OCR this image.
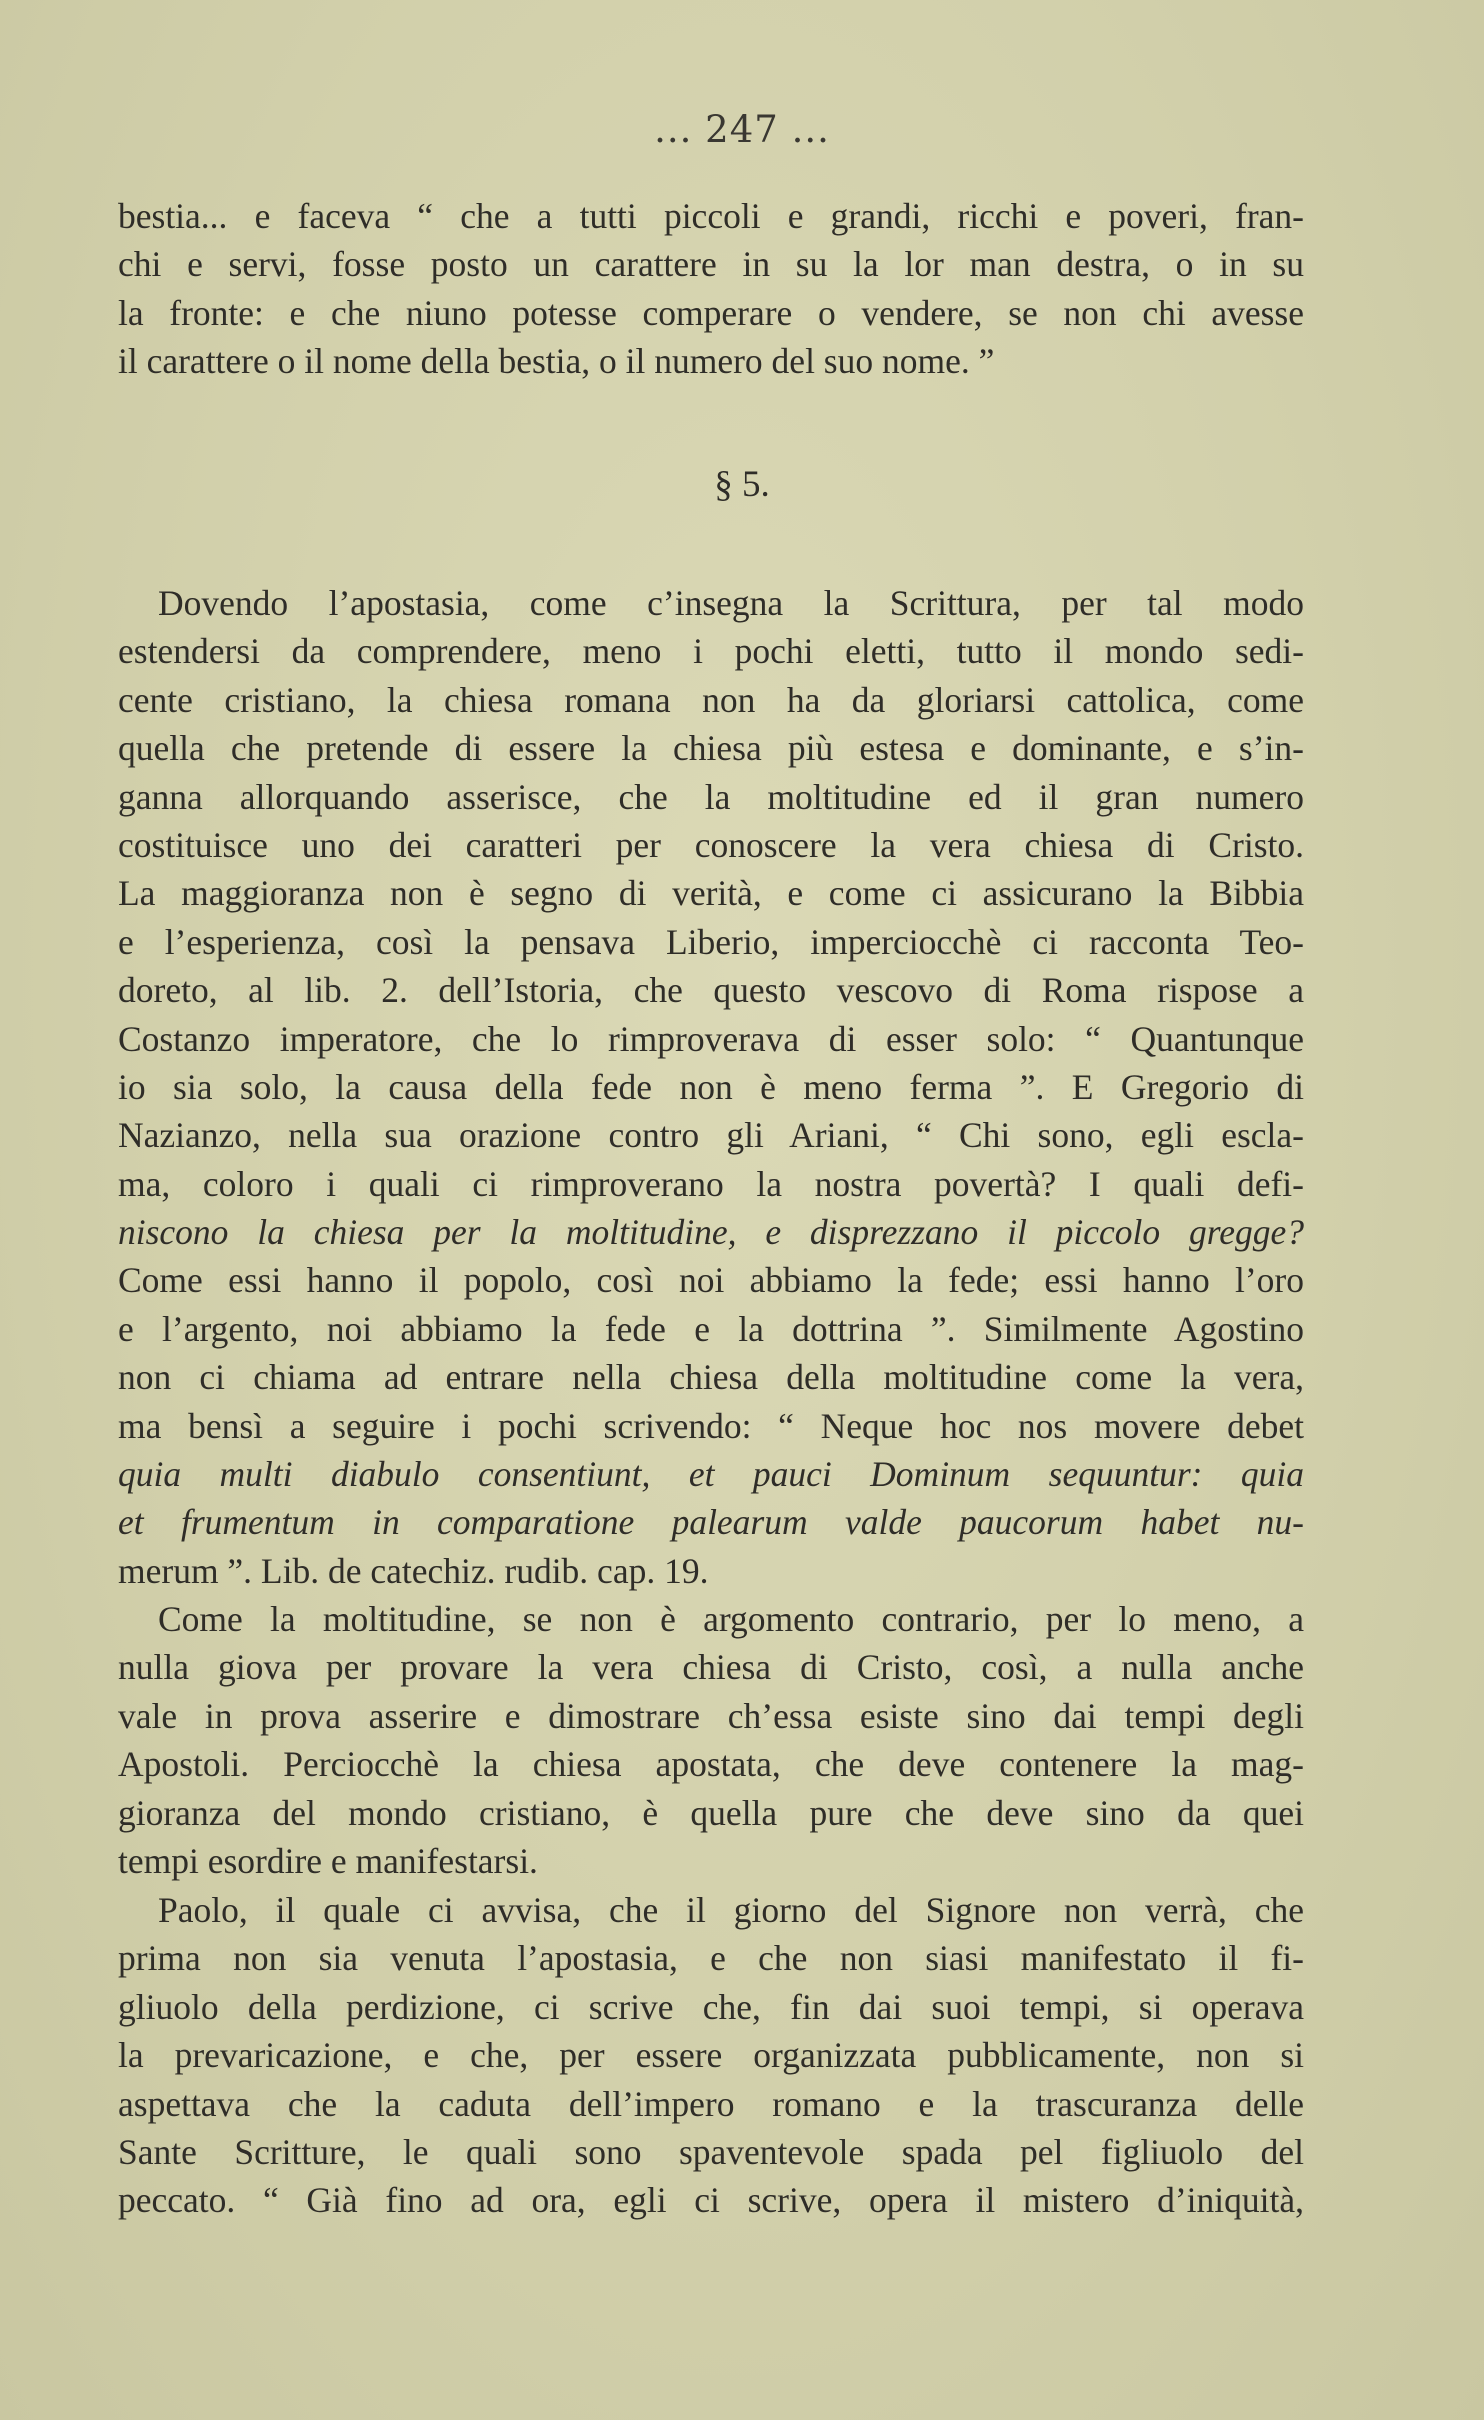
... 247 ...
bestia... e faceva “ che a tutti piccoli e grandi, ricchi e poveri, fran-
chi e servi, fosse posto un carattere in su la lor man destra, o in su
la fronte: e che niuno potesse comperare o vendere, se non chi avesse
il carattere o il nome della bestia, o il numero del suo nome. ”
§ 5.
Dovendo l’apostasia, come c’insegna la Scrittura, per tal modo
estendersi da comprendere, meno i pochi eletti, tutto il mondo sedi-
cente cristiano, la chiesa romana non ha da gloriarsi cattolica, come
quella che pretende di essere la chiesa più estesa e dominante, e s’in-
ganna allorquando asserisce, che la moltitudine ed il gran numero
costituisce uno dei caratteri per conoscere la vera chiesa di Cristo.
La maggioranza non è segno di verità, e come ci assicurano la Bibbia
e l’esperienza, così la pensava Liberio, imperciocchè ci racconta Teo-
doreto, al lib. 2. dell’Istoria, che questo vescovo di Roma rispose a
Costanzo imperatore, che lo rimproverava di esser solo: “ Quantunque
io sia solo, la causa della fede non è meno ferma ”. E Gregorio di
Nazianzo, nella sua orazione contro gli Ariani, “ Chi sono, egli escla-
ma, coloro i quali ci rimproverano la nostra povertà? I quali defi-
niscono la chiesa per la moltitudine, e disprezzano il piccolo gregge?
Come essi hanno il popolo, così noi abbiamo la fede; essi hanno l’oro
e l’argento, noi abbiamo la fede e la dottrina ”. Similmente Agostino
non ci chiama ad entrare nella chiesa della moltitudine come la vera,
ma bensì a seguire i pochi scrivendo: “ Neque hoc nos movere debet
quia multi diabulo consentiunt, et pauci Dominum sequuntur: quia
et frumentum in comparatione palearum valde paucorum habet nu-
merum ”. Lib. de catechiz. rudib. cap. 19.
Come la moltitudine, se non è argomento contrario, per lo meno, a
nulla giova per provare la vera chiesa di Cristo, così, a nulla anche
vale in prova asserire e dimostrare ch’essa esiste sino dai tempi degli
Apostoli. Perciocchè la chiesa apostata, che deve contenere la mag-
gioranza del mondo cristiano, è quella pure che deve sino da quei
tempi esordire e manifestarsi.
Paolo, il quale ci avvisa, che il giorno del Signore non verrà, che
prima non sia venuta l’apostasia, e che non siasi manifestato il fi-
gliuolo della perdizione, ci scrive che, fin dai suoi tempi, si operava
la prevaricazione, e che, per essere organizzata pubblicamente, non si
aspettava che la caduta dell’impero romano e la trascuranza delle
Sante Scritture, le quali sono spaventevole spada pel figliuolo del
peccato. “ Già fino ad ora, egli ci scrive, opera il mistero d’iniquità,
